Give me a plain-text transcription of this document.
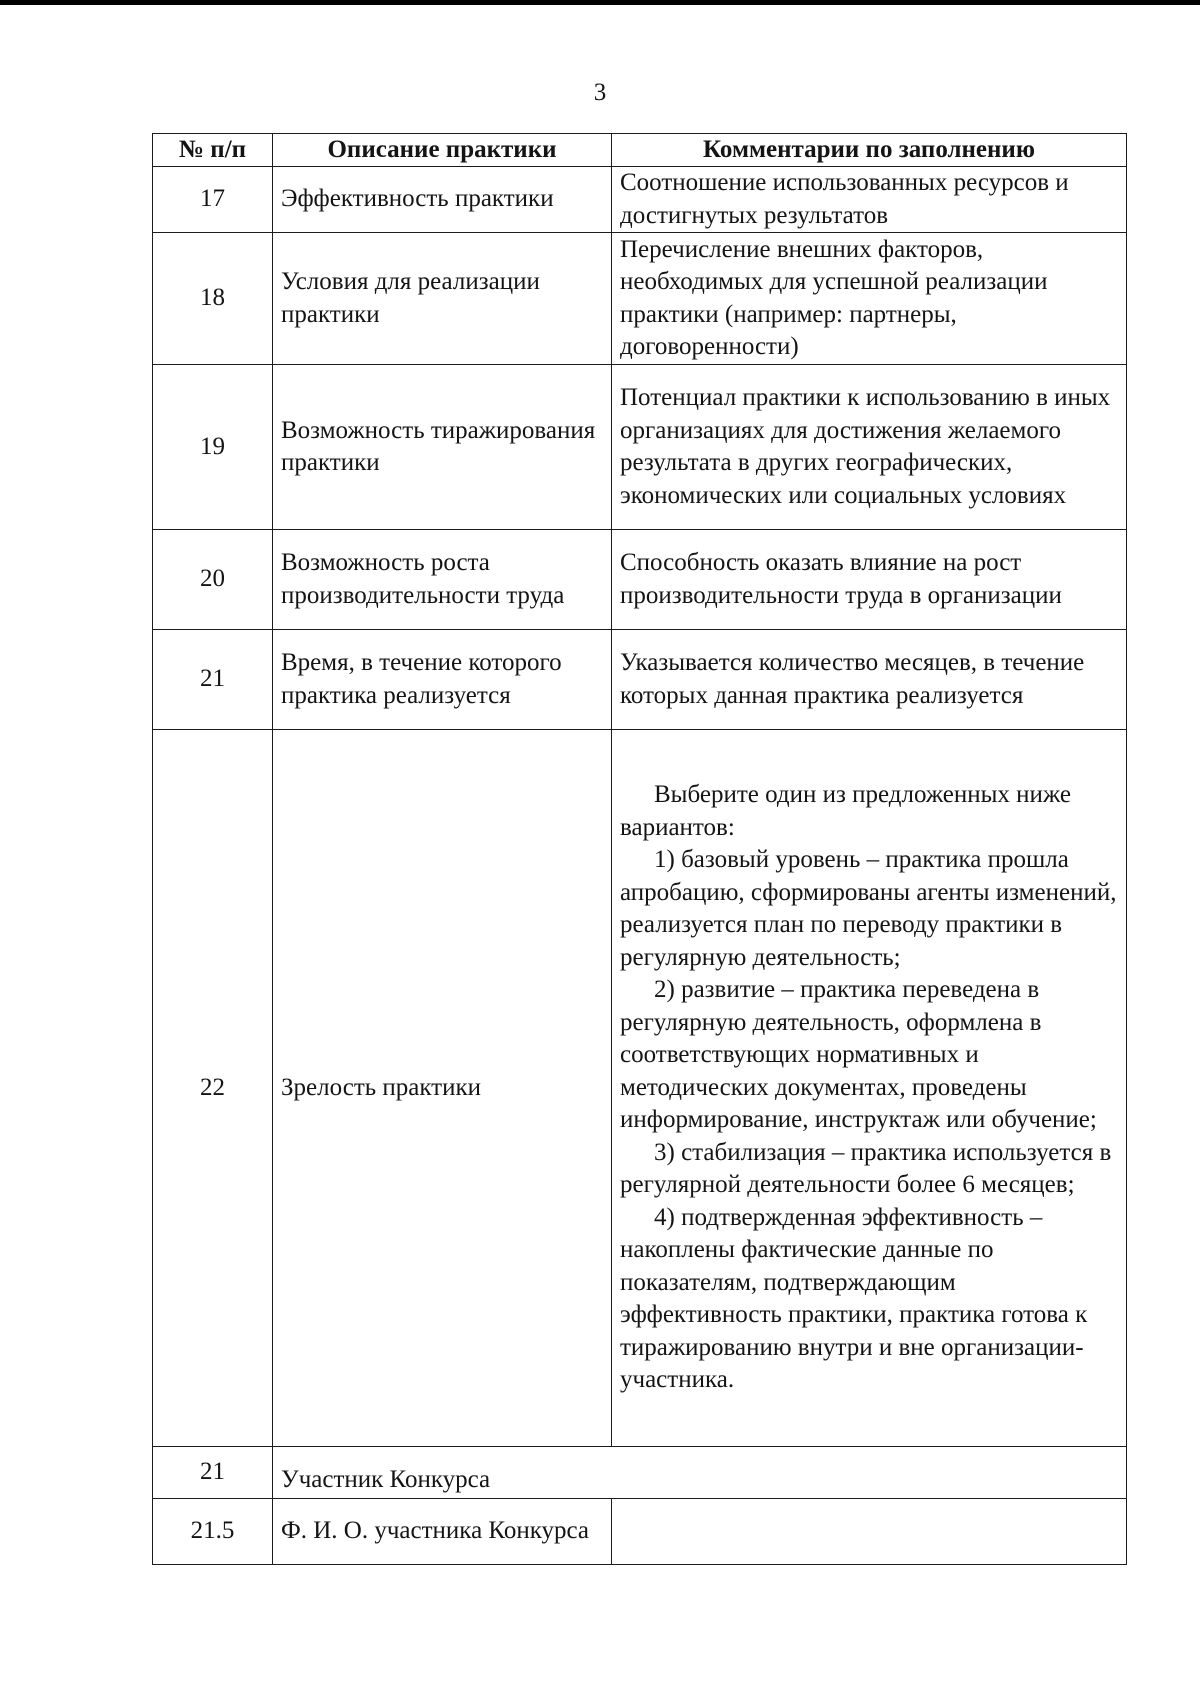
3
№ п/п	Описание практики	Комментарии по заполнению
17	Эффективность практики	Соотношение использованных ресурсов и достигнутых результатов
18	Условия для реализации практики	Перечисление внешних факторов, необходимых для успешной реализации практики (например: партнеры, договоренности)
19	Возможность тиражирования практики	Потенциал практики к использованию в иных организациях для достижения желаемого результата в других географических, экономических или социальных условиях
20	Возможность роста производительности труда	Способность оказать влияние на рост производительности труда в организации
21	Время, в течение которого практика реализуется	Указывается количество месяцев, в течение которых данная практика реализуется
22	Зрелость практики	Выберите один из предложенных ниже вариантов:
1) базовый уровень – практика прошла апробацию, сформированы агенты изменений, реализуется план по переводу практики в регулярную деятельность;
2) развитие – практика переведена в регулярную деятельность, оформлена в соответствующих нормативных и методических документах, проведены информирование, инструктаж или обучение;
3) стабилизация – практика используется в регулярной деятельности более 6 месяцев;
4) подтвержденная эффективность – накоплены фактические данные по показателям, подтверждающим эффективность практики, практика готова к тиражированию внутри и вне организации-участника.

21	Участник Конкурса	
21.5	Ф. И. О. участника Конкурса	
